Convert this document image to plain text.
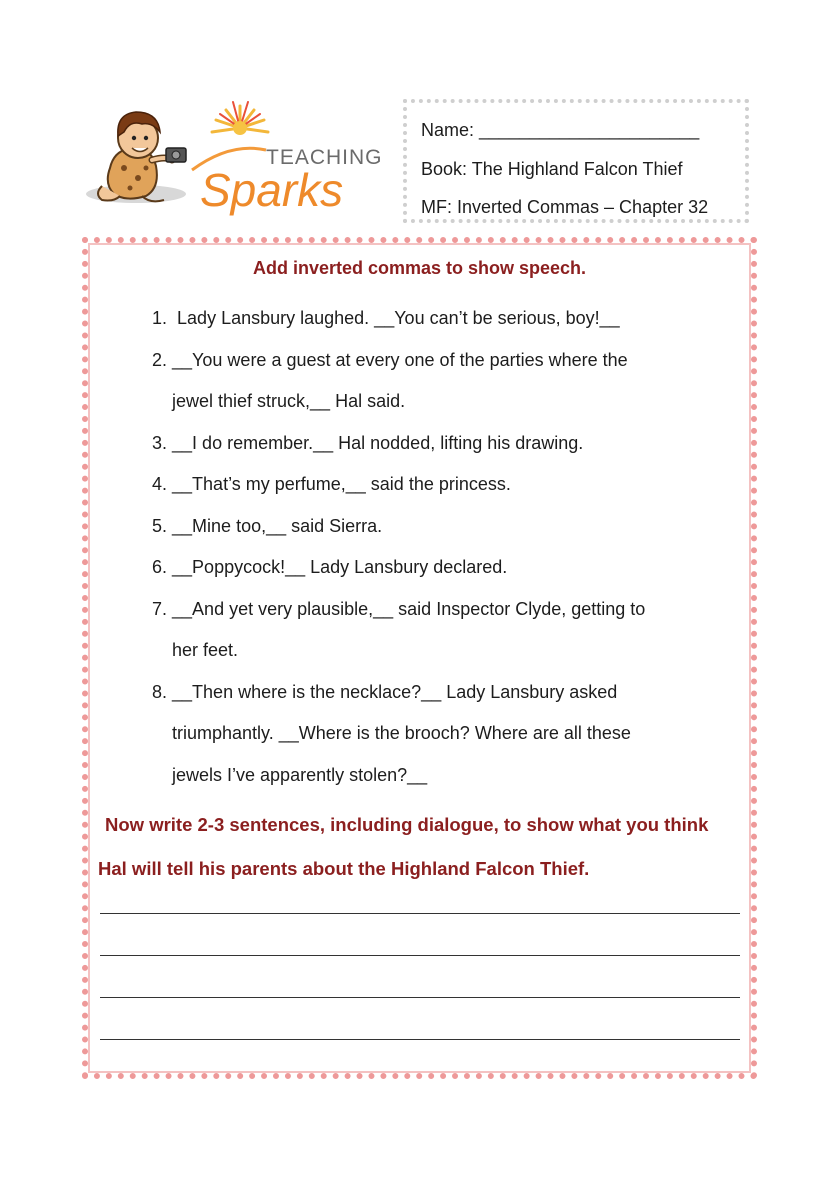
TEACHING
Sparks
Name: ______________________
Book: The Highland Falcon Thief
MF: Inverted Commas – Chapter 32
Add inverted commas to show speech.
1. Lady Lansbury laughed. __You can’t be serious, boy!__
2. __You were a guest at every one of the parties where the
jewel thief struck,__ Hal said.
3. __I do remember.__ Hal nodded, lifting his drawing.
4. __That’s my perfume,__ said the princess.
5. __Mine too,__ said Sierra.
6. __Poppycock!__ Lady Lansbury declared.
7. __And yet very plausible,__ said Inspector Clyde, getting to
her feet.
8. __Then where is the necklace?__ Lady Lansbury asked
triumphantly. __Where is the brooch? Where are all these
jewels I’ve apparently stolen?__
Now write 2-3 sentences, including dialogue, to show what you think
Hal will tell his parents about the Highland Falcon Thief.
